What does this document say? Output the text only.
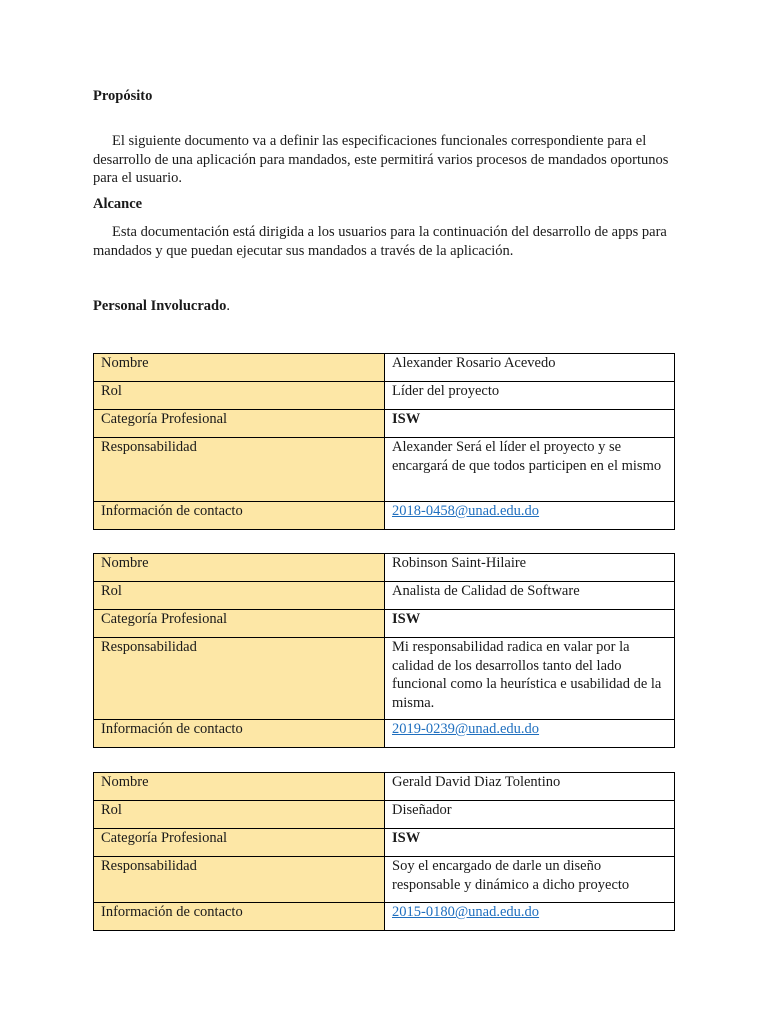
Propósito
El siguiente documento va a definir las especificaciones funcionales correspondiente para el desarrollo de una aplicación para mandados, este permitirá varios procesos de mandados oportunos para el usuario.
Alcance
Esta documentación está dirigida a los usuarios para la continuación del desarrollo de apps para mandados y que puedan ejecutar sus mandados a través de la aplicación.
Personal Involucrado.
Nombre	Alexander Rosario Acevedo
Rol	Líder del proyecto
Categoría Profesional	ISW
Responsabilidad	Alexander Será el líder el proyecto y se encargará de que todos participen en el mismo
Información de contacto	2018-0458@unad.edu.do
Nombre	Robinson Saint-Hilaire
Rol	Analista de Calidad de Software
Categoría Profesional	ISW
Responsabilidad	Mi responsabilidad radica en valar por la calidad de los desarrollos tanto del lado funcional como la heurística e usabilidad de la misma.
Información de contacto	2019-0239@unad.edu.do
Nombre	Gerald David Diaz Tolentino
Rol	Diseñador
Categoría Profesional	ISW
Responsabilidad	Soy el encargado de darle un diseño responsable y dinámico a dicho proyecto
Información de contacto	2015-0180@unad.edu.do
